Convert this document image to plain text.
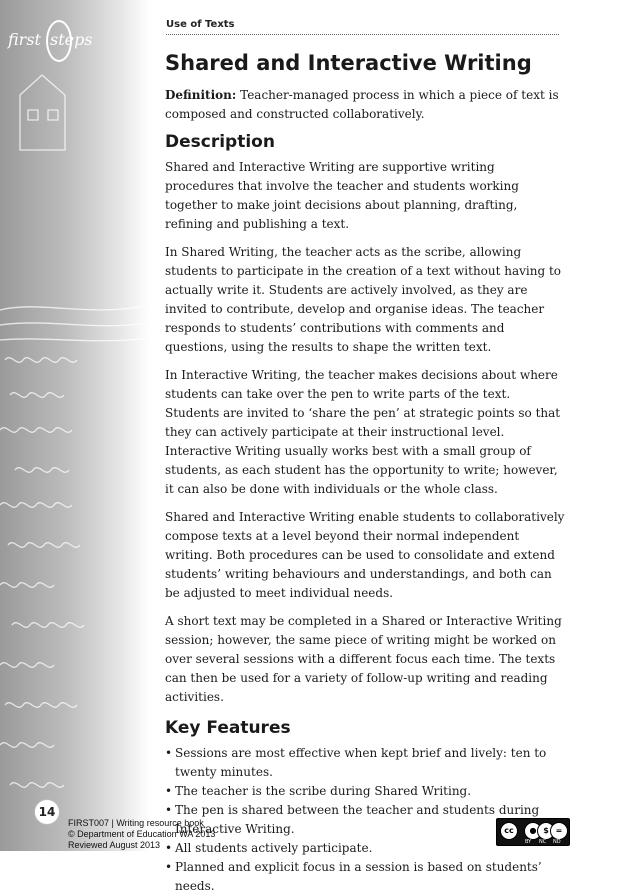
first steps
Use of Texts
Shared and Interactive Writing

Definition: Teacher-managed process in which a piece of text is composed and constructed collaboratively.

Description

Shared and Interactive Writing are supportive writing procedures that involve the teacher and students working together to make joint decisions about planning, drafting, refining and publishing a text.

In Shared Writing, the teacher acts as the scribe, allowing students to participate in the creation of a text without having to actually write it. Students are actively involved, as they are invited to contribute, develop and organise ideas. The teacher responds to students’ contributions with comments and questions, using the results to shape the written text.

In Interactive Writing, the teacher makes decisions about where students can take over the pen to write parts of the text. Students are invited to ‘share the pen’ at strategic points so that they can actively participate at their instructional level. Interactive Writing usually works best with a small group of students, as each student has the opportunity to write; however, it can also be done with individuals or the whole class.

Shared and Interactive Writing enable students to collaboratively compose texts at a level beyond their normal independent writing. Both procedures can be used to consolidate and extend students’ writing behaviours and understandings, and both can be adjusted to meet individual needs.

A short text may be completed in a Shared or Interactive Writing session; however, the same piece of writing might be worked on over several sessions with a different focus each time. The texts can then be used for a variety of follow-up writing and reading activities.

Key Features
• Sessions are most effective when kept brief and lively: ten to twenty minutes.
• The teacher is the scribe during Shared Writing.
• The pen is shared between the teacher and students during Interactive Writing.
• All students actively participate.
• Planned and explicit focus in a session is based on students’ needs.
14
FIRST007 | Writing resource book
© Department of Education WA 2013
Reviewed August 2013
cc	● $ =
BY NC ND
